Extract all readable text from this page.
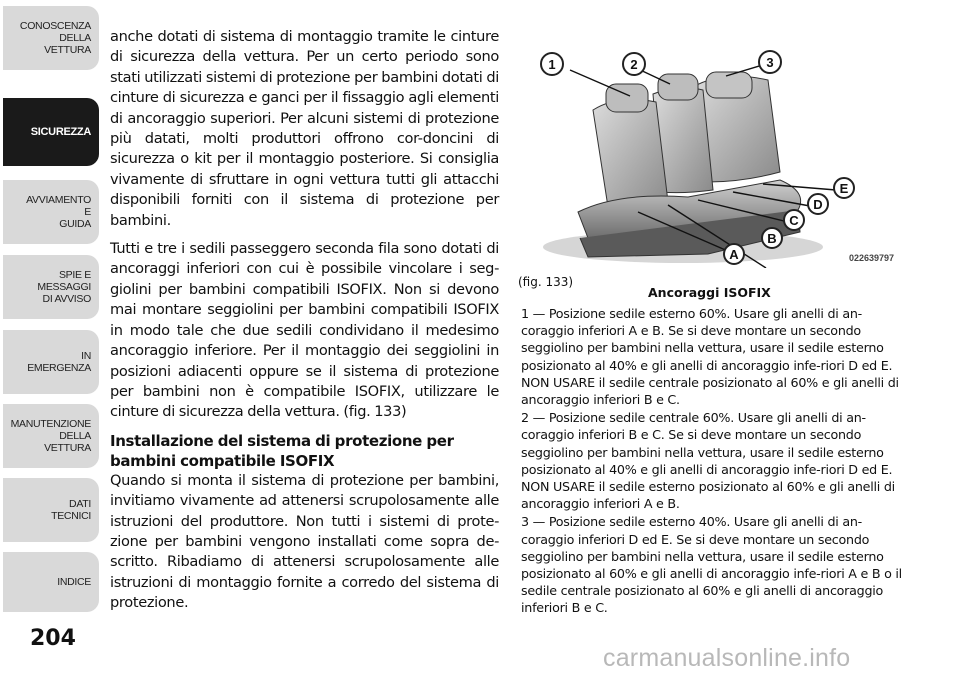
CONOSCENZA
DELLA
VETTURA
SICUREZZA
AVVIAMENTO
E
GUIDA
SPIE E
MESSAGGI
DI AVVISO
IN
EMERGENZA
MANUTENZIONE
DELLA
VETTURA
DATI
TECNICI
INDICE
204

anche dotati di sistema di montaggio tramite le cinture di sicurezza della vettura. Per un certo periodo sono stati utilizzati sistemi di protezione per bambini dotati di cinture di sicurezza e ganci per il fissaggio agli elementi di ancoraggio superiori. Per alcuni sistemi di protezione più datati, molti produttori offrono cor-doncini di sicurezza o kit per il montaggio posteriore. Si consiglia vivamente di sfruttare in ogni vettura tutti gli attacchi disponibili forniti con il sistema di protezione per bambini.

Tutti e tre i sedili passeggero seconda fila sono dotati di ancoraggi inferiori con cui è possibile vincolare i seg-giolini per bambini compatibili ISOFIX. Non si devono mai montare seggiolini per bambini compatibili ISOFIX in modo tale che due sedili condividano il medesimo ancoraggio inferiore. Per il montaggio dei seggiolini in posizioni adiacenti oppure se il sistema di protezione per bambini non è compatibile ISOFIX, utilizzare le cinture di sicurezza della vettura. (fig. 133)

Installazione del sistema di protezione per bambini compatibile ISOFIX

Quando si monta il sistema di protezione per bambini, invitiamo vivamente ad attenersi scrupolosamente alle istruzioni del produttore. Non tutti i sistemi di prote-zione per bambini vengono installati come sopra de-scritto. Ribadiamo di attenersi scrupolosamente alle istruzioni di montaggio fornite a corredo del sistema di protezione.

1	2	3
A
B
C
D
E
022639797
(fig. 133)
Ancoraggi ISOFIX

1 — Posizione sedile esterno 60%. Usare gli anelli di an-coraggio inferiori A e B. Se si deve montare un secondo seggiolino per bambini nella vettura, usare il sedile esterno posizionato al 40% e gli anelli di ancoraggio infe-riori D ed E. NON USARE il sedile centrale posizionato al 60% e gli anelli di ancoraggio inferiori B e C.

2 — Posizione sedile centrale 60%. Usare gli anelli di an-coraggio inferiori B e C. Se si deve montare un secondo seggiolino per bambini nella vettura, usare il sedile esterno posizionato al 40% e gli anelli di ancoraggio infe-riori D ed E. NON USARE il sedile esterno posizionato al 60% e gli anelli di ancoraggio inferiori A e B.

3 — Posizione sedile esterno 40%. Usare gli anelli di an-coraggio inferiori D ed E. Se si deve montare un secondo seggiolino per bambini nella vettura, usare il sedile esterno posizionato al 60% e gli anelli di ancoraggio infe-riori A e B o il sedile centrale posizionato al 60% e gli anelli di ancoraggio inferiori B e C.

carmanualsonline.info
